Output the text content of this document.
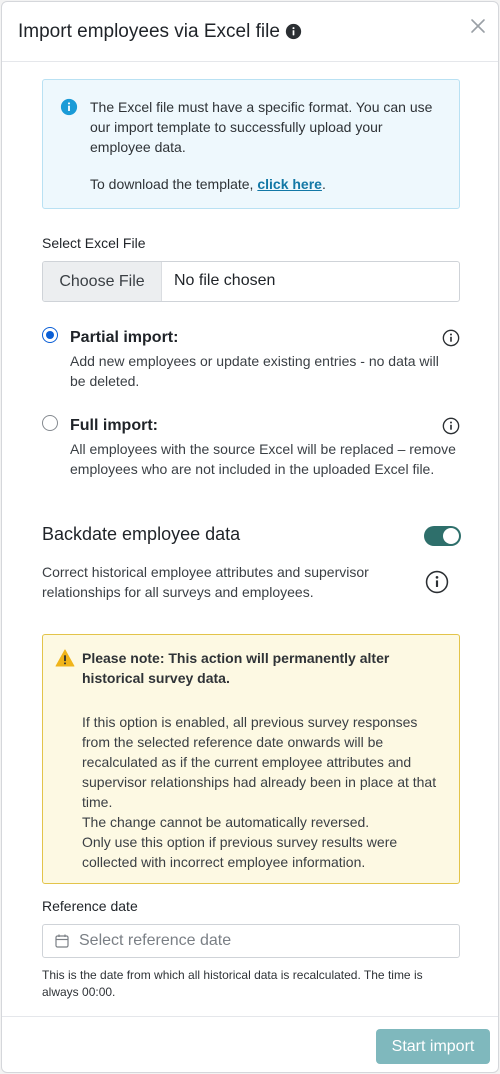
Import employees via Excel file
The Excel file must have a specific format. You can use our import template to successfully upload your employee data.
To download the template, click here.
Select Excel File
Choose File	No file chosen
Partial import:
Add new employees or update existing entries - no data will be deleted.
Full import:
All employees with the source Excel will be replaced – remove employees who are not included in the uploaded Excel file.
Backdate employee data
Correct historical employee attributes and supervisor relationships for all surveys and employees.
Please note: This action will permanently alter historical survey data.

If this option is enabled, all previous survey responses from the selected reference date onwards will be recalculated as if the current employee attributes and supervisor relationships had already been in place at that time.

The change cannot be automatically reversed.

Only use this option if previous survey results were collected with incorrect employee information.

Reference date
Select reference date
This is the date from which all historical data is recalculated. The time is always 00:00.
Start import
